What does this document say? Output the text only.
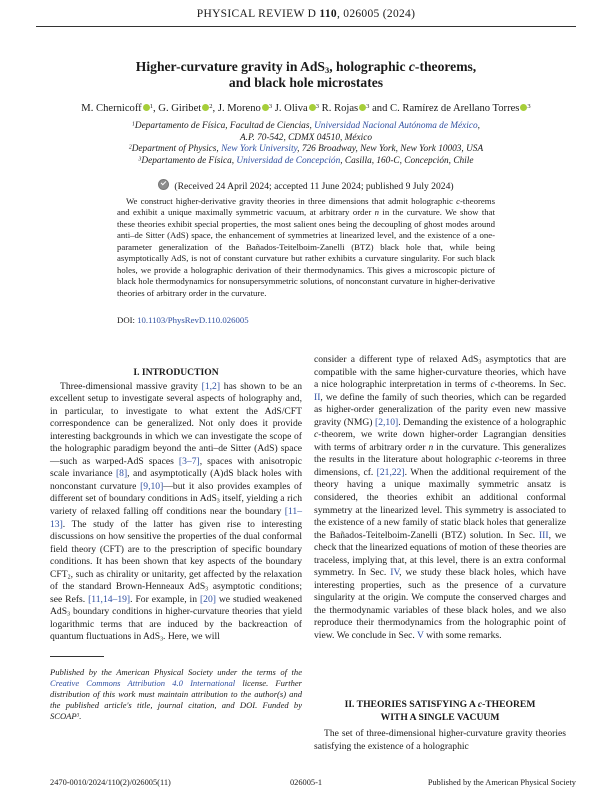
PHYSICAL REVIEW D 110, 026005 (2024)
Higher-curvature gravity in AdS$_3$, holographic c-theorems,
and black hole microstates
M. Chernicoff $^1$, G. Giribet $^2$, J. Moreno $^3$ J. Oliva $^3$ R. Rojas $^3$ and C. Ramírez de Arellano Torres $^3$
$^1$Departamento de Física, Facultad de Ciencias, Universidad Nacional Autónoma de México,
A.P. 70-542, CDMX 04510, México
$^2$Department of Physics, New York University, 726 Broadway, New York, New York 10003, USA
$^3$Departamento de Física, Universidad de Concepción, Casilla, 160-C, Concepción, Chile
(Received 24 April 2024; accepted 11 June 2024; published 9 July 2024)

We construct higher-derivative gravity theories in three dimensions that admit holographic c-theorems and exhibit a unique maximally symmetric vacuum, at arbitrary order n in the curvature. We show that these theories exhibit special properties, the most salient ones being the decoupling of ghost modes around anti–de Sitter (AdS) space, the enhancement of symmetries at linearized level, and the existence of a one-parameter generalization of the Bañados-Teitelboim-Zanelli (BTZ) black hole that, while being asymptotically AdS, is not of constant curvature but rather exhibits a curvature singularity. For such black holes, we provide a holographic derivation of their thermodynamics. This gives a microscopic picture of black hole thermodynamics for nonsupersymmetric solutions, of nonconstant curvature in higher-derivative theories of arbitrary order in the curvature.

DOI: 10.1103/PhysRevD.110.026005
I. INTRODUCTION

Three-dimensional massive gravity [1,2] has shown to be an excellent setup to investigate several aspects of holography and, in particular, to investigate to what extent the AdS/CFT correspondence can be generalized. Not only does it provide interesting backgrounds in which we can investigate the scope of the holographic paradigm beyond the anti–de Sitter (AdS) space—such as warped-AdS spaces [3–7], spaces with anisotropic scale invariance [8], and asymptotically (A)dS black holes with nonconstant curvature [9,10]—but it also provides examples of different set of boundary conditions in AdS$_3$ itself, yielding a rich variety of relaxed falling off conditions near the boundary [11–13]. The study of the latter has given rise to interesting discussions on how sensitive the properties of the dual conformal field theory (CFT) are to the prescription of specific boundary conditions. It has been shown that key aspects of the boundary $CFT_2$, such as chirality or unitarity, get affected by the relaxation of the standard Brown-Henneaux AdS$_3$ asymptotic conditions; see Refs. [11,14–19]. For example, in [20] we studied weakened AdS$_3$ boundary conditions in higher-curvature theories that yield logarithmic terms that are induced by the backreaction of quantum fluctuations in AdS$_3$. Here, we will

Published by the American Physical Society under the terms of the Creative Commons Attribution 4.0 International license. Further distribution of this work must maintain attribution to the author(s) and the published article's title, journal citation, and DOI. Funded by SCOAP$^3$.

consider a different type of relaxed AdS$_3$ asymptotics that are compatible with the same higher-curvature theories, which have a nice holographic interpretation in terms of c-theorems. In Sec. II, we define the family of such theories, which can be regarded as higher-order generalization of the parity even new massive gravity (NMG) [2,10]. Demanding the existence of a holographic c-theorem, we write down higher-order Lagrangian densities with terms of arbitrary order n in the curvature. This generalizes the results in the literature about holographic c-teorems in three dimensions, cf. [21,22]. When the additional requirement of the theory having a unique maximally symmetric ansatz is considered, the theories exhibit an additional conformal symmetry at the linearized level. This symmetry is associated to the existence of a new family of static black holes that generalize the Bañados-Teitelboim-Zanelli (BTZ) solution. In Sec. III, we check that the linearized equations of motion of these theories are traceless, implying that, at this level, there is an extra conformal symmetry. In Sec. IV, we study these black holes, which have interesting properties, such as the presence of a curvature singularity at the origin. We compute the conserved charges and the thermodynamic variables of these black holes, and we also reproduce their thermodynamics from the holographic point of view. We conclude in Sec. V with some remarks.

II. THEORIES SATISFYING A c-THEOREM
WITH A SINGLE VACUUM

The set of three-dimensional higher-curvature gravity theories satisfying the existence of a holographic

2470-0010/2024/110(2)/026005(11)	026005-1	Published by the American Physical Society
